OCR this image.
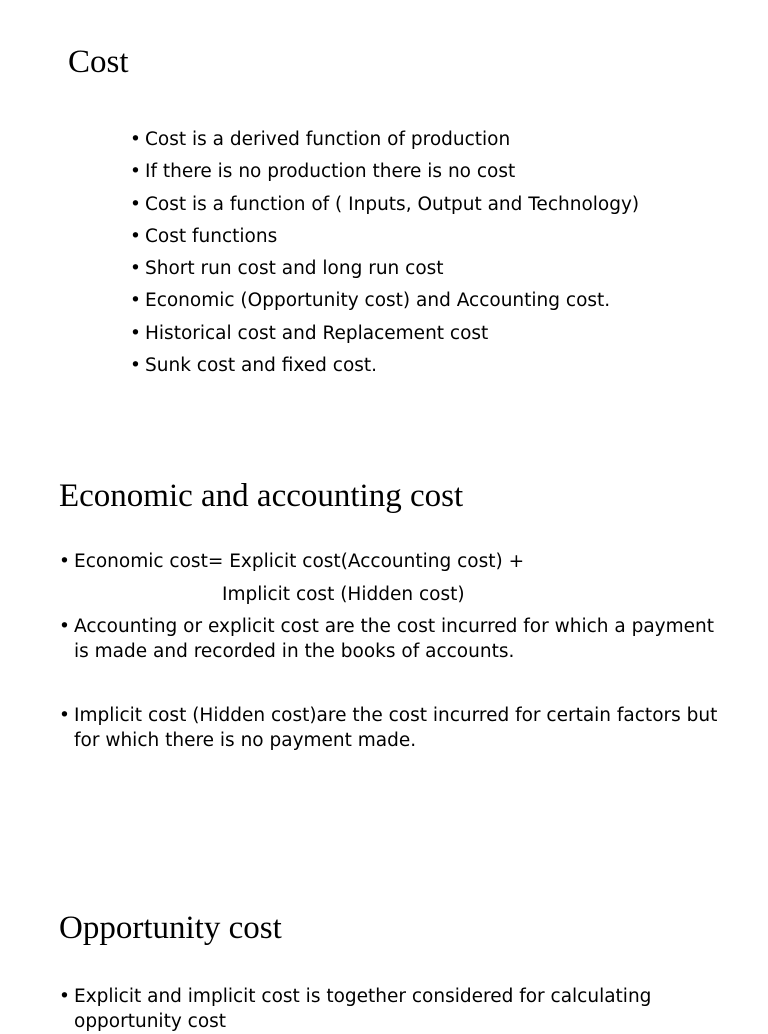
Cost
• Cost is a derived function of production
• If there is no production there is no cost
• Cost is a function of ( Inputs, Output and Technology)
• Cost functions
• Short run cost and long run cost
• Economic (Opportunity cost) and Accounting cost.
• Historical cost and Replacement cost
• Sunk cost and fixed cost.
Economic and accounting cost
• Economic cost= Explicit cost(Accounting cost) +
Implicit cost (Hidden cost)
• Accounting or explicit cost are the cost incurred for which a payment is made and recorded in the books of accounts.
• Implicit cost (Hidden cost)are the cost incurred for certain factors but for which there is no payment made.
Opportunity cost
• Explicit and implicit cost is together considered for calculating opportunity cost
